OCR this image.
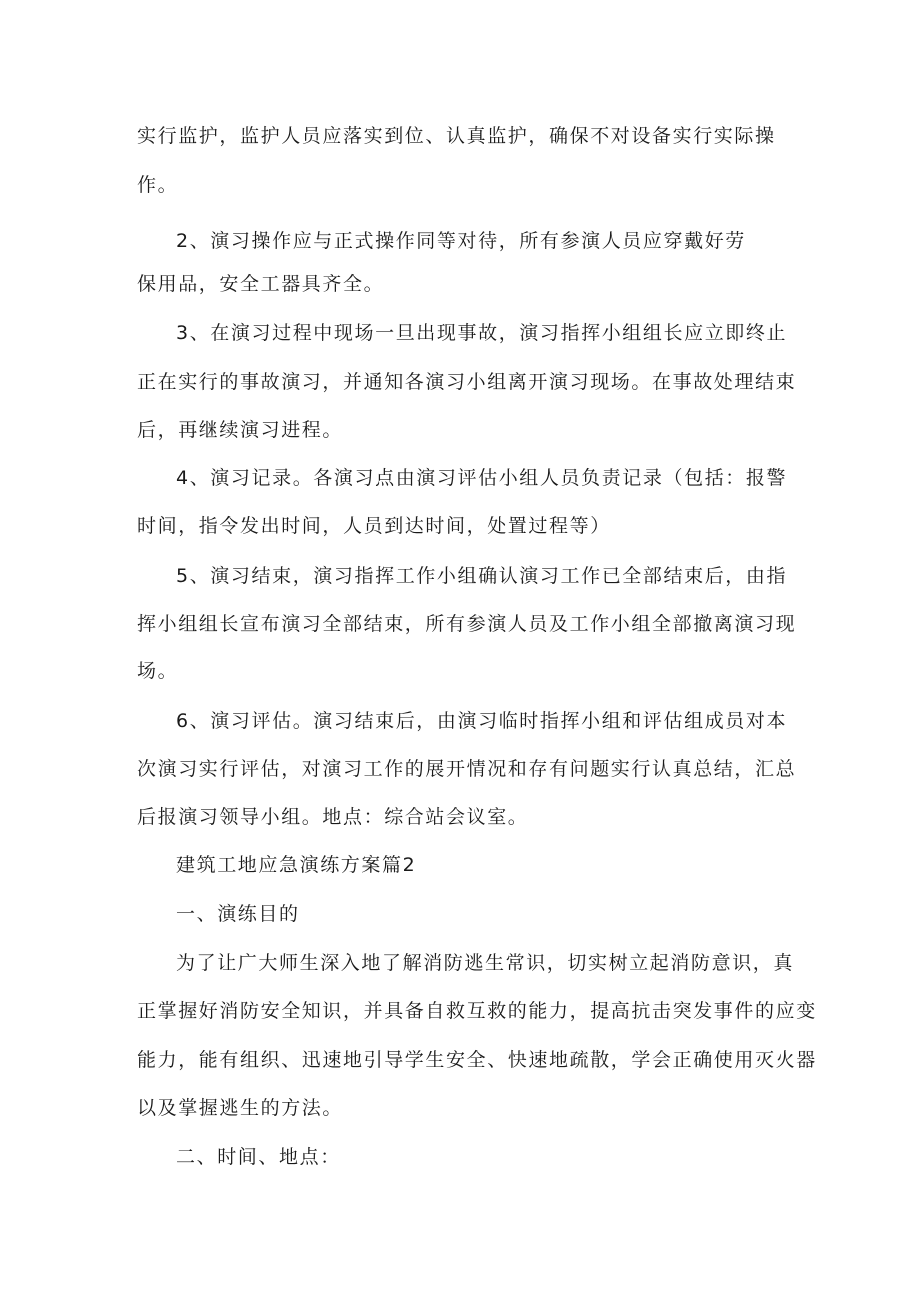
实行监护，监护人员应落实到位、认真监护，确保不对设备实行实际操
作。
2、演习操作应与正式操作同等对待，所有参演人员应穿戴好劳
保用品，安全工器具齐全。
3、在演习过程中现场一旦出现事故，演习指挥小组组长应立即终止
正在实行的事故演习，并通知各演习小组离开演习现场。在事故处理结束
后，再继续演习进程。
4、演习记录。各演习点由演习评估小组人员负责记录（包括：报警
时间，指令发出时间，人员到达时间，处置过程等）
5、演习结束，演习指挥工作小组确认演习工作已全部结束后，由指
挥小组组长宣布演习全部结束，所有参演人员及工作小组全部撤离演习现
场。
6、演习评估。演习结束后，由演习临时指挥小组和评估组成员对本
次演习实行评估，对演习工作的展开情况和存有问题实行认真总结，汇总
后报演习领导小组。地点：综合站会议室。
建筑工地应急演练方案篇2
一、演练目的
为了让广大师生深入地了解消防逃生常识，切实树立起消防意识，真
正掌握好消防安全知识，并具备自救互救的能力，提高抗击突发事件的应变
能力，能有组织、迅速地引导学生安全、快速地疏散，学会正确使用灭火器
以及掌握逃生的方法。
二、时间、地点：
